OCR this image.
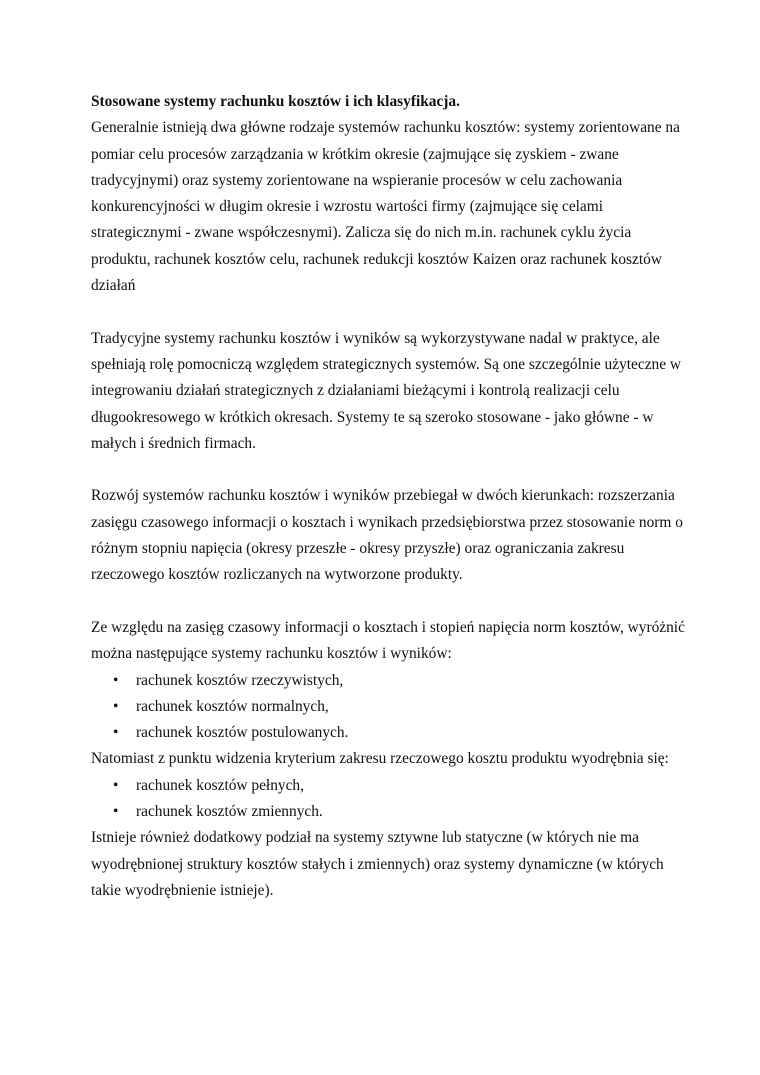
Stosowane systemy rachunku kosztów i ich klasyfikacja.

Generalnie istnieją dwa główne rodzaje systemów rachunku kosztów: systemy zorientowane na pomiar celu procesów zarządzania w krótkim okresie (zajmujące się zyskiem - zwane tradycyjnymi) oraz systemy zorientowane na wspieranie procesów w celu zachowania konkurencyjności w długim okresie i wzrostu wartości firmy (zajmujące się celami strategicznymi - zwane współczesnymi). Zalicza się do nich m.in. rachunek cyklu życia produktu, rachunek kosztów celu, rachunek redukcji kosztów Kaizen oraz rachunek kosztów działań

Tradycyjne systemy rachunku kosztów i wyników są wykorzystywane nadal w praktyce, ale spełniają rolę pomocniczą względem strategicznych systemów. Są one szczególnie użyteczne w integrowaniu działań strategicznych z działaniami bieżącymi i kontrolą realizacji celu długookresowego w krótkich okresach. Systemy te są szeroko stosowane - jako główne - w małych i średnich firmach.

Rozwój systemów rachunku kosztów i wyników przebiegał w dwóch kierunkach: rozszerzania zasięgu czasowego informacji o kosztach i wynikach przedsiębiorstwa przez stosowanie norm o różnym stopniu napięcia (okresy przeszłe - okresy przyszłe) oraz ograniczania zakresu rzeczowego kosztów rozliczanych na wytworzone produkty.

Ze względu na zasięg czasowy informacji o kosztach i stopień napięcia norm kosztów, wyróżnić można następujące systemy rachunku kosztów i wyników:

• rachunek kosztów rzeczywistych,
• rachunek kosztów normalnych,
• rachunek kosztów postulowanych.

Natomiast z punktu widzenia kryterium zakresu rzeczowego kosztu produktu wyodrębnia się:

• rachunek kosztów pełnych,
• rachunek kosztów zmiennych.

Istnieje również dodatkowy podział na systemy sztywne lub statyczne (w których nie ma wyodrębnionej struktury kosztów stałych i zmiennych) oraz systemy dynamiczne (w których takie wyodrębnienie istnieje).
